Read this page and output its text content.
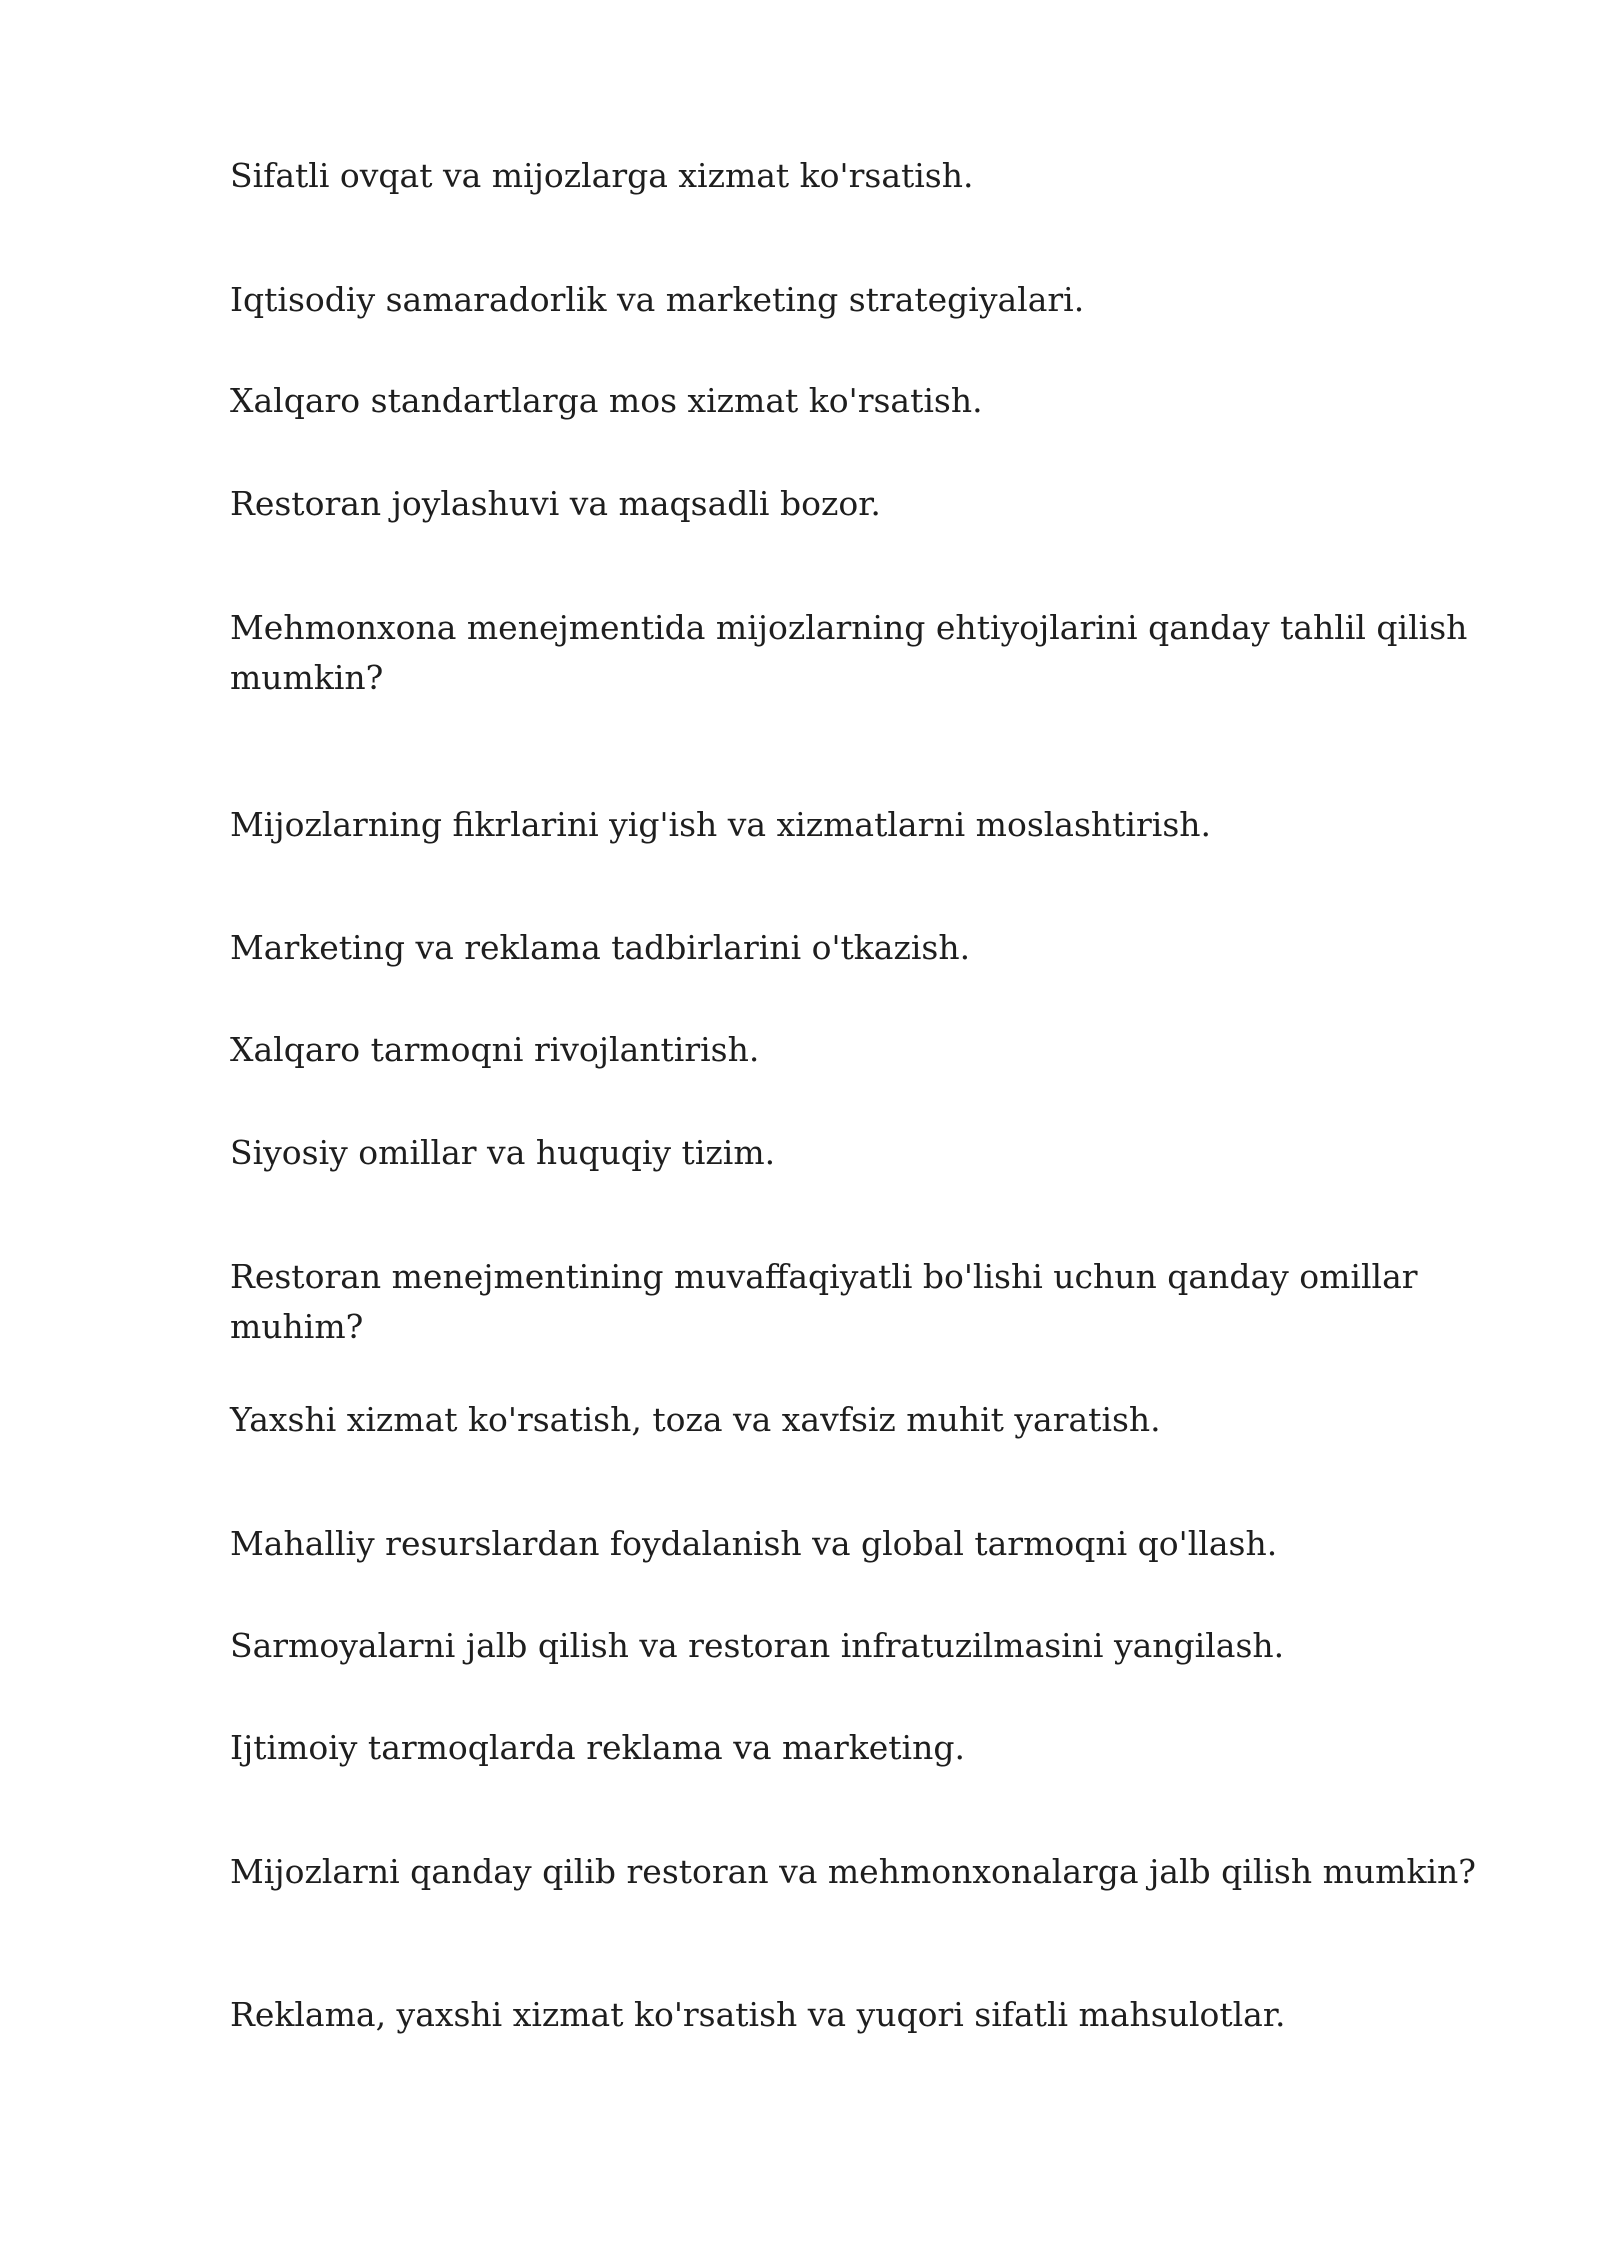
Sifatli ovqat va mijozlarga xizmat ko'rsatish.

Iqtisodiy samaradorlik va marketing strategiyalari.

Xalqaro standartlarga mos xizmat ko'rsatish.

Restoran joylashuvi va maqsadli bozor.

Mehmonxona menejmentida mijozlarning ehtiyojlarini qanday tahlil qilish mumkin?

Mijozlarning fikrlarini yig'ish va xizmatlarni moslashtirish.

Marketing va reklama tadbirlarini o'tkazish.

Xalqaro tarmoqni rivojlantirish.

Siyosiy omillar va huquqiy tizim.

Restoran menejmentining muvaffaqiyatli bo'lishi uchun qanday omillar muhim?

Yaxshi xizmat ko'rsatish, toza va xavfsiz muhit yaratish.

Mahalliy resurslardan foydalanish va global tarmoqni qo'llash.

Sarmoyalarni jalb qilish va restoran infratuzilmasini yangilash.

Ijtimoiy tarmoqlarda reklama va marketing.

Mijozlarni qanday qilib restoran va mehmonxonalarga jalb qilish mumkin?

Reklama, yaxshi xizmat ko'rsatish va yuqori sifatli mahsulotlar.
